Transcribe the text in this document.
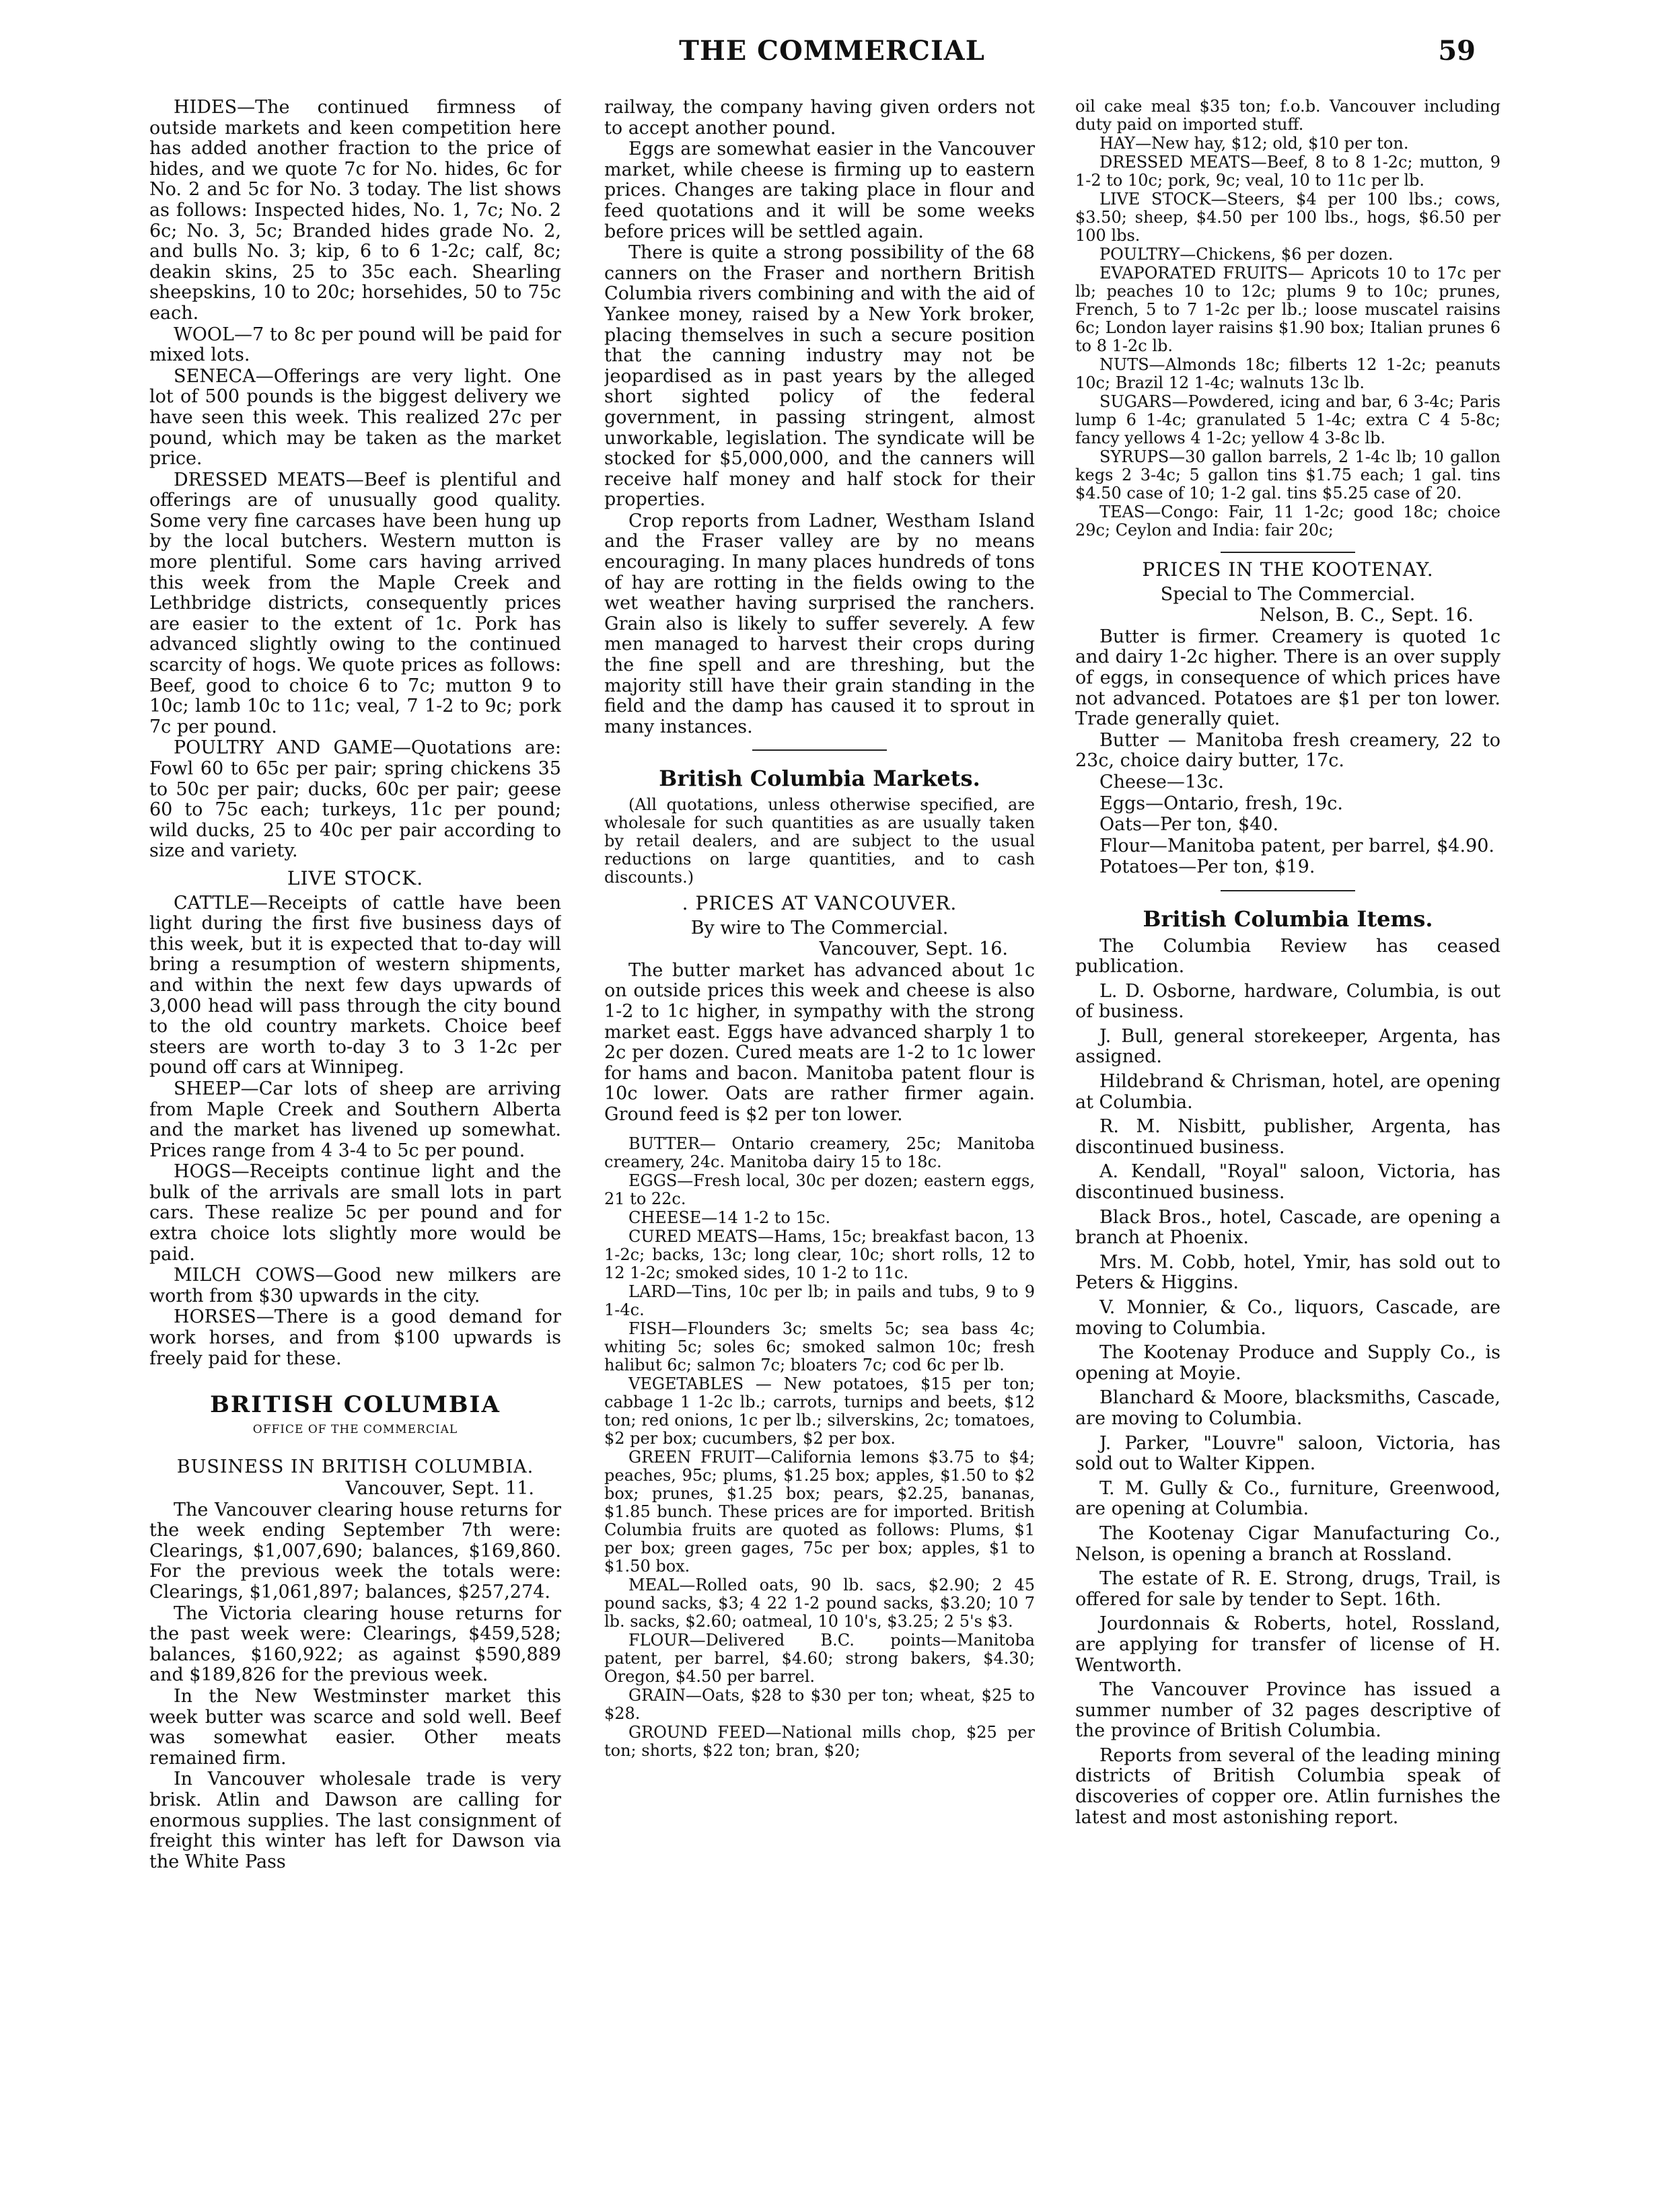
THE COMMERCIAL	59

HIDES—The continued firmness of outside markets and keen competition here has added another fraction to the price of hides, and we quote 7c for No. hides, 6c for No. 2 and 5c for No. 3 today. The list shows as follows: Inspected hides, No. 1, 7c; No. 2 6c; No. 3, 5c; Branded hides grade No. 2, and bulls No. 3; kip, 6 to 6 1-2c; calf, 8c; deakin skins, 25 to 35c each. Shearling sheepskins, 10 to 20c; horsehides, 50 to 75c each.

WOOL—7 to 8c per pound will be paid for mixed lots.

SENECA—Offerings are very light. One lot of 500 pounds is the biggest delivery we have seen this week. This realized 27c per pound, which may be taken as the market price.

DRESSED MEATS—Beef is plentiful and offerings are of unusually good quality. Some very fine carcases have been hung up by the local butchers. Western mutton is more plentiful. Some cars having arrived this week from the Maple Creek and Lethbridge districts, consequently prices are easier to the extent of 1c. Pork has advanced slightly owing to the continued scarcity of hogs. We quote prices as follows: Beef, good to choice 6 to 7c; mutton 9 to 10c; lamb 10c to 11c; veal, 7 1-2 to 9c; pork 7c per pound.

POULTRY AND GAME—Quotations are: Fowl 60 to 65c per pair; spring chickens 35 to 50c per pair; ducks, 60c per pair; geese 60 to 75c each; turkeys, 11c per pound; wild ducks, 25 to 40c per pair according to size and variety.

LIVE STOCK.

CATTLE—Receipts of cattle have been light during the first five business days of this week, but it is expected that to-day will bring a resumption of western shipments, and within the next few days upwards of 3,000 head will pass through the city bound to the old country markets. Choice beef steers are worth to-day 3 to 3 1-2c per pound off cars at Winnipeg.

SHEEP—Car lots of sheep are arriving from Maple Creek and Southern Alberta and the market has livened up somewhat. Prices range from 4 3-4 to 5c per pound.

HOGS—Receipts continue light and the bulk of the arrivals are small lots in part cars. These realize 5c per pound and for extra choice lots slightly more would be paid.

MILCH COWS—Good new milkers are worth from $30 upwards in the city.

HORSES—There is a good demand for work horses, and from $100 upwards is freely paid for these.

BRITISH COLUMBIA

OFFICE OF THE COMMERCIAL

BUSINESS IN BRITISH COLUMBIA.

Vancouver, Sept. 11.

The Vancouver clearing house returns for the week ending September 7th were: Clearings, $1,007,690; balances, $169,860. For the previous week the totals were: Clearings, $1,061,897; balances, $257,274.

The Victoria clearing house returns for the past week were: Clearings, $459,528; balances, $160,922; as against $590,889 and $189,826 for the previous week.

In the New Westminster market this week butter was scarce and sold well. Beef was somewhat easier. Other meats remained firm.

In Vancouver wholesale trade is very brisk. Atlin and Dawson are calling for enormous supplies. The last consignment of freight this winter has left for Dawson via the White Pass

railway, the company having given orders not to accept another pound.

Eggs are somewhat easier in the Vancouver market, while cheese is firming up to eastern prices. Changes are taking place in flour and feed quotations and it will be some weeks before prices will be settled again.

There is quite a strong possibility of the 68 canners on the Fraser and northern British Columbia rivers combining and with the aid of Yankee money, raised by a New York broker, placing themselves in such a secure position that the canning industry may not be jeopardised as in past years by the alleged short sighted policy of the federal government, in passing stringent, almost unworkable, legislation. The syndicate will be stocked for $5,000,000, and the canners will receive half money and half stock for their properties.

Crop reports from Ladner, Westham Island and the Fraser valley are by no means encouraging. In many places hundreds of tons of hay are rotting in the fields owing to the wet weather having surprised the ranchers. Grain also is likely to suffer severely. A few men managed to harvest their crops during the fine spell and are threshing, but the majority still have their grain standing in the field and the damp has caused it to sprout in many instances.

British Columbia Markets.

(All quotations, unless otherwise specified, are wholesale for such quantities as are usually taken by retail dealers, and are subject to the usual reductions on large quantities, and to cash discounts.)

. PRICES AT VANCOUVER.

By wire to The Commercial.

Vancouver, Sept. 16.

The butter market has advanced about 1c on outside prices this week and cheese is also 1-2 to 1c higher, in sympathy with the strong market east. Eggs have advanced sharply 1 to 2c per dozen. Cured meats are 1-2 to 1c lower for hams and bacon. Manitoba patent flour is 10c lower. Oats are rather firmer again. Ground feed is $2 per ton lower.

BUTTER— Ontario creamery, 25c; Manitoba creamery, 24c. Manitoba dairy 15 to 18c.

EGGS—Fresh local, 30c per dozen; eastern eggs, 21 to 22c.

CHEESE—14 1-2 to 15c.

CURED MEATS—Hams, 15c; breakfast bacon, 13 1-2c; backs, 13c; long clear, 10c; short rolls, 12 to 12 1-2c; smoked sides, 10 1-2 to 11c.

LARD—Tins, 10c per lb; in pails and tubs, 9 to 9 1-4c.

FISH—Flounders 3c; smelts 5c; sea bass 4c; whiting 5c; soles 6c; smoked salmon 10c; fresh halibut 6c; salmon 7c; bloaters 7c; cod 6c per lb.

VEGETABLES — New potatoes, $15 per ton; cabbage 1 1-2c lb.; carrots, turnips and beets, $12 ton; red onions, 1c per lb.; silverskins, 2c; tomatoes, $2 per box; cucumbers, $2 per box.

GREEN FRUIT—California lemons $3.75 to $4; peaches, 95c; plums, $1.25 box; apples, $1.50 to $2 box; prunes, $1.25 box; pears, $2.25, bananas, $1.85 bunch. These prices are for imported. British Columbia fruits are quoted as follows: Plums, $1 per box; green gages, 75c per box; apples, $1 to $1.50 box.

MEAL—Rolled oats, 90 lb. sacs, $2.90; 2 45 pound sacks, $3; 4 22 1-2 pound sacks, $3.20; 10 7 lb. sacks, $2.60; oatmeal, 10 10's, $3.25; 2 5's $3.

FLOUR—Delivered B.C. points—Manitoba patent, per barrel, $4.60; strong bakers, $4.30; Oregon, $4.50 per barrel.

GRAIN—Oats, $28 to $30 per ton; wheat, $25 to $28.

GROUND FEED—National mills chop, $25 per ton; shorts, $22 ton; bran, $20;

oil cake meal $35 ton; f.o.b. Vancouver including duty paid on imported stuff.

HAY—New hay, $12; old, $10 per ton.

DRESSED MEATS—Beef, 8 to 8 1-2c; mutton, 9 1-2 to 10c; pork, 9c; veal, 10 to 11c per lb.

LIVE STOCK—Steers, $4 per 100 lbs.; cows, $3.50; sheep, $4.50 per 100 lbs., hogs, $6.50 per 100 lbs.

POULTRY—Chickens, $6 per dozen.

EVAPORATED FRUITS— Apricots 10 to 17c per lb; peaches 10 to 12c; plums 9 to 10c; prunes, French, 5 to 7 1-2c per lb.; loose muscatel raisins 6c; London layer raisins $1.90 box; Italian prunes 6 to 8 1-2c lb.

NUTS—Almonds 18c; filberts 12 1-2c; peanuts 10c; Brazil 12 1-4c; walnuts 13c lb.

SUGARS—Powdered, icing and bar, 6 3-4c; Paris lump 6 1-4c; granulated 5 1-4c; extra C 4 5-8c; fancy yellows 4 1-2c; yellow 4 3-8c lb.

SYRUPS—30 gallon barrels, 2 1-4c lb; 10 gallon kegs 2 3-4c; 5 gallon tins $1.75 each; 1 gal. tins $4.50 case of 10; 1-2 gal. tins $5.25 case of 20.

TEAS—Congo: Fair, 11 1-2c; good 18c; choice 29c; Ceylon and India: fair 20c;

PRICES IN THE KOOTENAY.

Special to The Commercial.

Nelson, B. C., Sept. 16.

Butter is firmer. Creamery is quoted 1c and dairy 1-2c higher. There is an over supply of eggs, in consequence of which prices have not advanced. Potatoes are $1 per ton lower. Trade generally quiet.

Butter — Manitoba fresh creamery, 22 to 23c, choice dairy butter, 17c.

Cheese—13c.

Eggs—Ontario, fresh, 19c.

Oats—Per ton, $40.

Flour—Manitoba patent, per barrel, $4.90.

Potatoes—Per ton, $19.

British Columbia Items.

The Columbia Review has ceased publication.

L. D. Osborne, hardware, Columbia, is out of business.

J. Bull, general storekeeper, Argenta, has assigned.

Hildebrand & Chrisman, hotel, are opening at Columbia.

R. M. Nisbitt, publisher, Argenta, has discontinued business.

A. Kendall, "Royal" saloon, Victoria, has discontinued business.

Black Bros., hotel, Cascade, are opening a branch at Phoenix.

Mrs. M. Cobb, hotel, Ymir, has sold out to Peters & Higgins.

V. Monnier, & Co., liquors, Cascade, are moving to Columbia.

The Kootenay Produce and Supply Co., is opening at Moyie.

Blanchard & Moore, blacksmiths, Cascade, are moving to Columbia.

J. Parker, "Louvre" saloon, Victoria, has sold out to Walter Kippen.

T. M. Gully & Co., furniture, Greenwood, are opening at Columbia.

The Kootenay Cigar Manufacturing Co., Nelson, is opening a branch at Rossland.

The estate of R. E. Strong, drugs, Trail, is offered for sale by tender to Sept. 16th.

Jourdonnais & Roberts, hotel, Rossland, are applying for transfer of license of H. Wentworth.

The Vancouver Province has issued a summer number of 32 pages descriptive of the province of British Columbia.

Reports from several of the leading mining districts of British Columbia speak of discoveries of copper ore. Atlin furnishes the latest and most astonishing report.
